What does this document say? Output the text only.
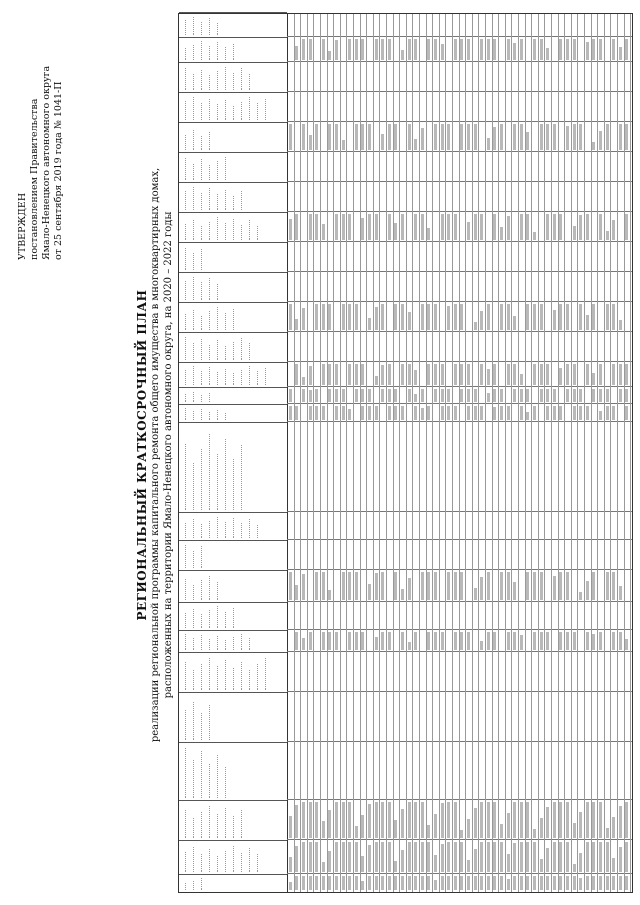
УТВЕРЖДЕН постановлением Правительства Ямало-Ненецкого автономного округа от 25 сентября 2019 года № 1041-П
РЕГИОНАЛЬНЫЙ КРАТКОСРОЧНЫЙ ПЛАН реализации региональной программы капитального ремонта общего имущества в многоквартирных домах, расположенных на территории Ямало-Ненецкого автономного округа, на 2020 – 2022 годы
